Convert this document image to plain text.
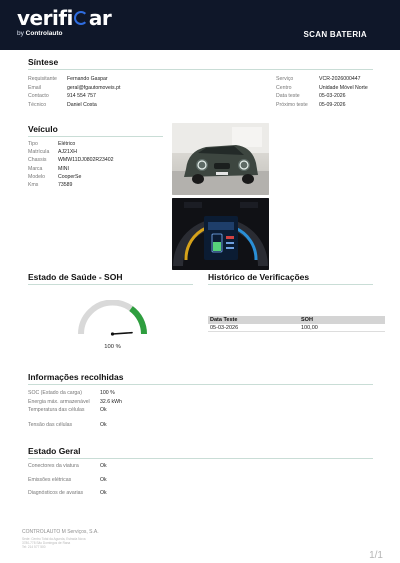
verifi ar
by Controlauto	SCAN BATERIA
Síntese
Requisitante Fernando Gaspar
Email	geral@fgautomoveis.pt
Contacto	914 554 757
Técnico	Daniel Costa
Serviço	VCR-2026000447
Centro	Unidade Móvel Norte
Data teste	05-03-2026
Próximo teste 05-09-2026
Veículo
Tipo	Elétrico
Matrícula AJ21XH
Chassis WMW11DJ0802R23402
Marca	MINI
Modelo CooperSe
Kms	73589
Estado de Saúde - SOH
100 %
Histórico de Verificações
Data Teste	SOH
05-03-2026	100,00
Informações recolhidas
SOC (Estado da carga)	100 %
Energia máx. armazenável 32.6 kWh
Temperatura das células	Ok
Tensão das células	Ok
Estado Geral
Conectores da viatura	Ok
Emissões elétricas	Ok
Diagnósticos de avarias	Ok
CONTROLAUTO M Serviços, S.A.
Sede: Centro Total da Agueda, Estrada Nova
3780-778 São Domingos de Rana
Tel: 214 577 500
1/1
